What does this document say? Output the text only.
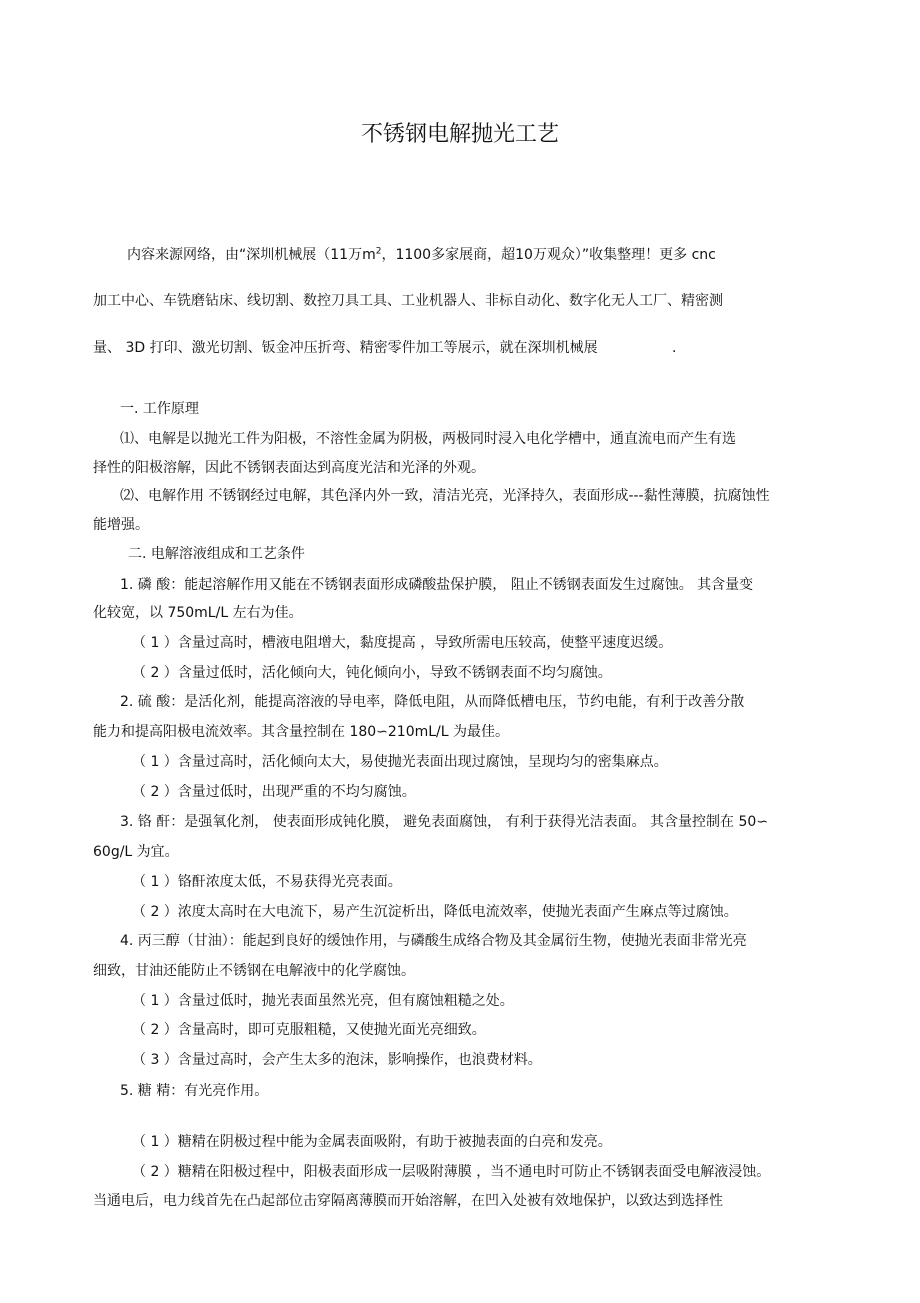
不锈钢电解抛光工艺
内容来源网络，由“深圳机械展（11万$m^2$，1100多家展商，超10万观众）”收集整理！更多 cnc
加工中心、车铣磨钻床、线切割、数控刀具工具、工业机器人、非标自动化、数字化无人工厂、精密测
量、 3D 打印、激光切割、钣金冲压折弯、精密零件加工等展示，就在深圳机械展	.
一. 工作原理
⑴、电解是以抛光工件为阳极，不溶性金属为阴极，两极同时浸入电化学槽中，通直流电而产生有选
择性的阳极溶解，因此不锈钢表面达到高度光洁和光泽的外观。
⑵、电解作用 不锈钢经过电解，其色泽内外一致，清洁光亮，光泽持久，表面形成---黏性薄膜，抗腐蚀性
能增强。
二. 电解溶液组成和工艺条件
1. 磷 酸：能起溶解作用又能在不锈钢表面形成磷酸盐保护膜， 阻止不锈钢表面发生过腐蚀。 其含量变
化较宽，以 750mL/L 左右为佳。
（ 1 ）含量过高时，槽液电阻增大，黏度提高 ，导致所需电压较高，使整平速度迟缓。
（ 2 ）含量过低时，活化倾向大，钝化倾向小，导致不锈钢表面不均匀腐蚀。
2. 硫 酸：是活化剂，能提高溶液的导电率，降低电阻，从而降低槽电压，节约电能，有利于改善分散
能力和提高阳极电流效率。其含量控制在 180∽210mL/L 为最佳。
（ 1 ）含量过高时，活化倾向太大，易使抛光表面出现过腐蚀，呈现均匀的密集麻点。
（ 2 ）含量过低时，出现严重的不均匀腐蚀。
3. 铬 酐：是强氧化剂， 使表面形成钝化膜， 避免表面腐蚀， 有利于获得光洁表面。 其含量控制在 50∽
60g/L 为宜。
（ 1 ）铬酐浓度太低，不易获得光亮表面。
（ 2 ）浓度太高时在大电流下，易产生沉淀析出，降低电流效率，使抛光表面产生麻点等过腐蚀。
4. 丙三醇（甘油）：能起到良好的缓蚀作用，与磷酸生成络合物及其金属衍生物，使抛光表面非常光亮
细致，甘油还能防止不锈钢在电解液中的化学腐蚀。
（ 1 ）含量过低时，抛光表面虽然光亮，但有腐蚀粗糙之处。
（ 2 ）含量高时，即可克服粗糙，又使抛光面光亮细致。
（ 3 ）含量过高时，会产生太多的泡沫，影响操作，也浪费材料。
5. 糖 精：有光亮作用。
（ 1 ）糖精在阴极过程中能为金属表面吸附，有助于被抛表面的白亮和发亮。
（ 2 ）糖精在阳极过程中，阳极表面形成一层吸附薄膜 ，当不通电时可防止不锈钢表面受电解液浸蚀。
当通电后，电力线首先在凸起部位击穿隔离薄膜而开始溶解，在凹入处被有效地保护，以致达到选择性
